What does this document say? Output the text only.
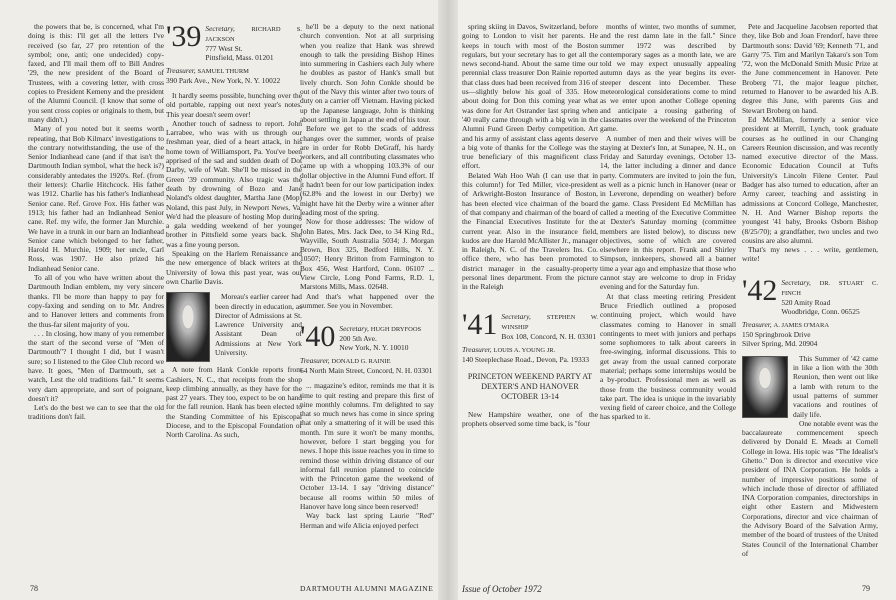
the powers that be, is concerned, what I'm doing is this: I'll get all the letters I've received (so far, 27 pro retention of the symbol; one, anti; one undecided) copy-faxed, and I'll mail them off to Bill Andres '29, the new president of the Board of Trustees, with a covering letter, with cross copies to President Kemeny and the president of the Alumni Council. (I know that some of you sent cross copies or originals to them, but many didn't.)

Many of you noted but it seems worth repeating, that Bob Kilmarx' investigations to the contrary notwithstanding, the use of the Senior Indianhead cane (and if that isn't the Dartmouth Indian symbol, what the heck is?) considerably antedates the 1920's. Ref. (from their letters): Charlie Hitchcock. His father was 1912. Charlie has his father's Indianhead Senior cane. Ref. Grove Fox. His father was 1913; his father had an Indianhead Senior cane. Ref. my wife, the former Jan Murchie. We have in a trunk in our barn an Indianhead Senior cane which belonged to her father, Harold H. Murchie, 1909; her uncle, Carl Ross, was 1907. He also prized his Indianhead Senior cane.

To all of you who have written about the Dartmouth Indian emblem, my very sincere thanks. I'll be more than happy to pay for copy-faxing and sending on to Mr. Andres and to Hanover letters and comments from the thus-far silent majority of you.

. . . In closing, how many of you remember the start of the second verse of "Men of Dartmouth"? I thought I did, but I wasn't sure; so I listened to the Glee Club record we have. It goes, "Men of Dartmouth, set a watch, Lest the old traditions fail." It seems very darn appropriate, and sort of poignant, doesn't it?

Let's do the best we can to see that the old traditions don't fail.

'39 Secretary,	RICHARD S. JACKSON
777 West St.
Pittsfield, Mass. 01201
Treasurer, SAMUEL THURM
390 Park Ave., New York, N. Y. 10022

It hardly seems possible, hunching over the old portable, rapping out next year's notes. This year doesn't seem over!

Another touch of sadness to report. John Larrabee, who was with us through our freshman year, died of a heart attack, in his home town of Williamsport, Pa. You've been apprised of the sad and sudden death of Dot Darby, wife of Walt. She'll be missed in the Green '39 community. Also tragic was the death by drowning of Bozo and Jane Noland's oldest daughter, Martha Jane (Mop) Noland, this past July, in Newport News, Va. We'd had the pleasure of hosting Mop during a gala wedding weekend of her younger brother in Pittsfield some years back. She was a fine young person.

Speaking on the Harlem Renaissance and the new emergence of black writers at the University of Iowa this past year, was our own Charlie Davis.

Moreau's earlier career had been directly in education, as Director of Admissions at St. Lawrence University and Assistant Dean of Admissions at New York University.

A note from Hank Conkle reports from Cashiers, N. C., that receipts from the shop keep climbing annually, as they have for the past 27 years. They too, expect to be on hand for the fall reunion. Hank has been elected to the Standing Committee of his Episcopal Diocese, and to the Episcopal Foundation of North Carolina. As such,

he'll be a deputy to the next national church convention. Not at all surprising when you realize that Hank was shrewd enough to talk the presiding Bishop Hines into summering in Cashiers each July where he doubles as pastor of Hank's small but lively church. Son John Conkle should be out of the Navy this winter after two tours of duty on a carrier off Vietnam. Having picked up the Japanese language, John is thinking about settling in Japan at the end of his tour.

Before we get to the scads of address changes over the summer, words of praise are in order for Robb DeGraff, his hardy workers, and all contributing classmates who came up with a whopping 103.3% of our dollar objective in the Alumni Fund effort. If it hadn't been for our low participation index (62.8% and the lowest in our Derby) we might have hit the Derby wire a winner after leading most of the spring.

Now for those addresses: The widow of John Bates, Mrs. Jack Dee, to 34 King Rd., Wayville, South Australia 5034; J. Morgan Brown, Box 325, Bedford Hills, N. Y. 10507; Henry Britton from Farmington to Box 456, West Hartford, Conn. 06107 ... View Circle, Long Pond Farms, R.D. 1, Marstons Mills, Mass. 02648.

And that's what happened over the summer. See you in November.

'40 Secretary, HUGH DRYFOOS
200 5th Ave.
New York, N. Y. 10010
Treasurer, DONALD G. RAINIE
64 North Main Street, Concord, N. H. 03301

... magazine's editor, reminds me that it is time to quit resting and prepare this first of nine monthly columns. I'm delighted to say that so much news has come in since spring that only a smattering of it will be used this month. I'm sure it won't be many months, however, before I start begging you for news. I hope this issue reaches you in time to remind those within driving distance of our informal fall reunion planned to coincide with the Princeton game the weekend of October 13-14. I say "driving distance" because all rooms within 50 miles of Hanover have long since been reserved!

Way back last spring Laurie "Red" Herman and wife Alicia enjoyed perfect

78	DARTMOUTH ALUMNI MAGAZINE

spring skiing in Davos, Switzerland, before going to London to visit her parents. He keeps in touch with most of the Boston regulars, but your secretary has to get all the news second-hand. About the same time our perennial class treasurer Don Rainie reported that class dues had been received from 316 of us—slightly below his goal of 335. How about doing for Don this coming year what was done for Art Ostrander last spring when '40 really came through with a big win in the Alumni Fund Green Derby competition. Art and his army of assistant class agents deserve a big vote of thanks for the College was the true beneficiary of this magnificent class effort.

Belated Wah Hoo Wah (I can use that in this column!) for Ted Miller, vice-president of Arkwright-Boston Insurance of Boston, has been elected vice chairman of the board of that company and chairman of the board of the Financial Executives Institute for the current year. Also in the insurance field, kudos are due Harold McAllister Jr., manager in Raleigh, N. C. of the Travelers Ins. Co. office there, who has been promoted to district manager in the casualty-property personal lines department. From the picture in the Raleigh

'41 Secretary, STEPHEN W. WINSHIP
Box 108, Concord, N. H. 03301
Treasurer, LOUIS A. YOUNG JR.
140 Steeplechase Road., Devon, Pa. 19333
PRINCETON WEEKEND PARTY AT
DEXTER'S AND HANOVER
OCTOBER 13-14

New Hampshire weather, one of the prophets observed some time back, is "four

months of winter, two months of summer, and the rest damn late in the fall." Since summer 1972 was described by contemporary sages as a month late, we are told we may expect unusually appealing autumn days as the year begins its ever-steeper descent into December. These meteorological considerations come to mind as we enter upon another College opening and anticipate a rousing gathering of classmates over the weekend of the Princeton game.

A number of men and their wives will be staying at Dexter's Inn, at Sunapee, N. H., on Friday and Saturday evenings, October 13-14, the latter including a dinner and dance party. Commuters are invited to join the fun, as well as a picnic lunch in Hanover (near or in Leverone, depending on weather) before the game. Class President Ed McMillan has called a meeting of the Executive Committee at Dexter's Saturday morning (committee members are listed below), to discuss new objectives, some of which are covered elsewhere in this report. Frank and Shirley Simpson, innkeepers, showed all a banner time a year ago and emphasize that those who cannot stay are welcome to drop in Friday evening and for the Saturday fun.

At that class meeting retiring President Bruce Friedlich outlined a proposed continuing project, which would have classmates coming to Hanover in small contingents to meet with juniors and perhaps some sophomores to talk about careers in free-swinging, informal discussions. This to get away from the usual canned corporate material; perhaps some internships would be a by-product. Professional men as well as those from the business community would take part. The idea is unique in the invariably vexing field of career choice, and the College has sparked to it.

Pete and Jacqueline Jacobsen reported that they, like Bob and Joan Frendorf, have three Dartmouth sons: David '69; Kenneth '71, and Garry '75. Tim and Marilyn Takaro's son Tom '72, won the McDonald Smith Music Prize at the June commencement in Hanover. Pete Broberg '71, the major league pitcher, returned to Hanover to be awarded his A.B. degree this June, with parents Gus and Stewart Broberg on hand.

Ed McMillan, formerly a senior vice president at Merrill, Lynch, took graduate courses as he outlined in our Changing Careers Reunion discussion, and was recently named executive director of the Mass. Economic Education Council at Tufts University's Lincoln Filene Center. Paul Badger has also turned to education, after an Army career, teaching and assisting in admissions at Concord College, Manchester, N. H. And Warner Bishop reports the youngest '41 baby, Brooks Osborn Bishop (8/25/70); a grandfather, two uncles and two cousins are also alumni.

That's my news . . . write, gentlemen, write!

'42 Secretary, DR. STUART C. FINCH
520 Amity Road
Woodbridge, Conn. 06525
Treasurer, A. JAMES O'MARA
150 Springbrook Drive
Silver Spring, Md. 20904

This Summer of '42 came in like a lion with the 30th Reunion, then went out like a lamb with return to the usual patterns of summer vacations and routines of daily life.

One notable event was the baccalaureate commencement speech delivered by Donald E. Meads at Cornell College in Iowa. His topic was "The Idealist's Ghetto." Don is director and executive vice president of INA Corporation. He holds a number of impressive positions some of which include those of director of affiliated INA Corporation companies, directorships in eight other Eastern and Midwestern Corporations, director and vice chairman of the Advisory Board of the Salvation Army, member of the board of trustees of the United States Council of the International Chamber of

Issue of October 1972	79
